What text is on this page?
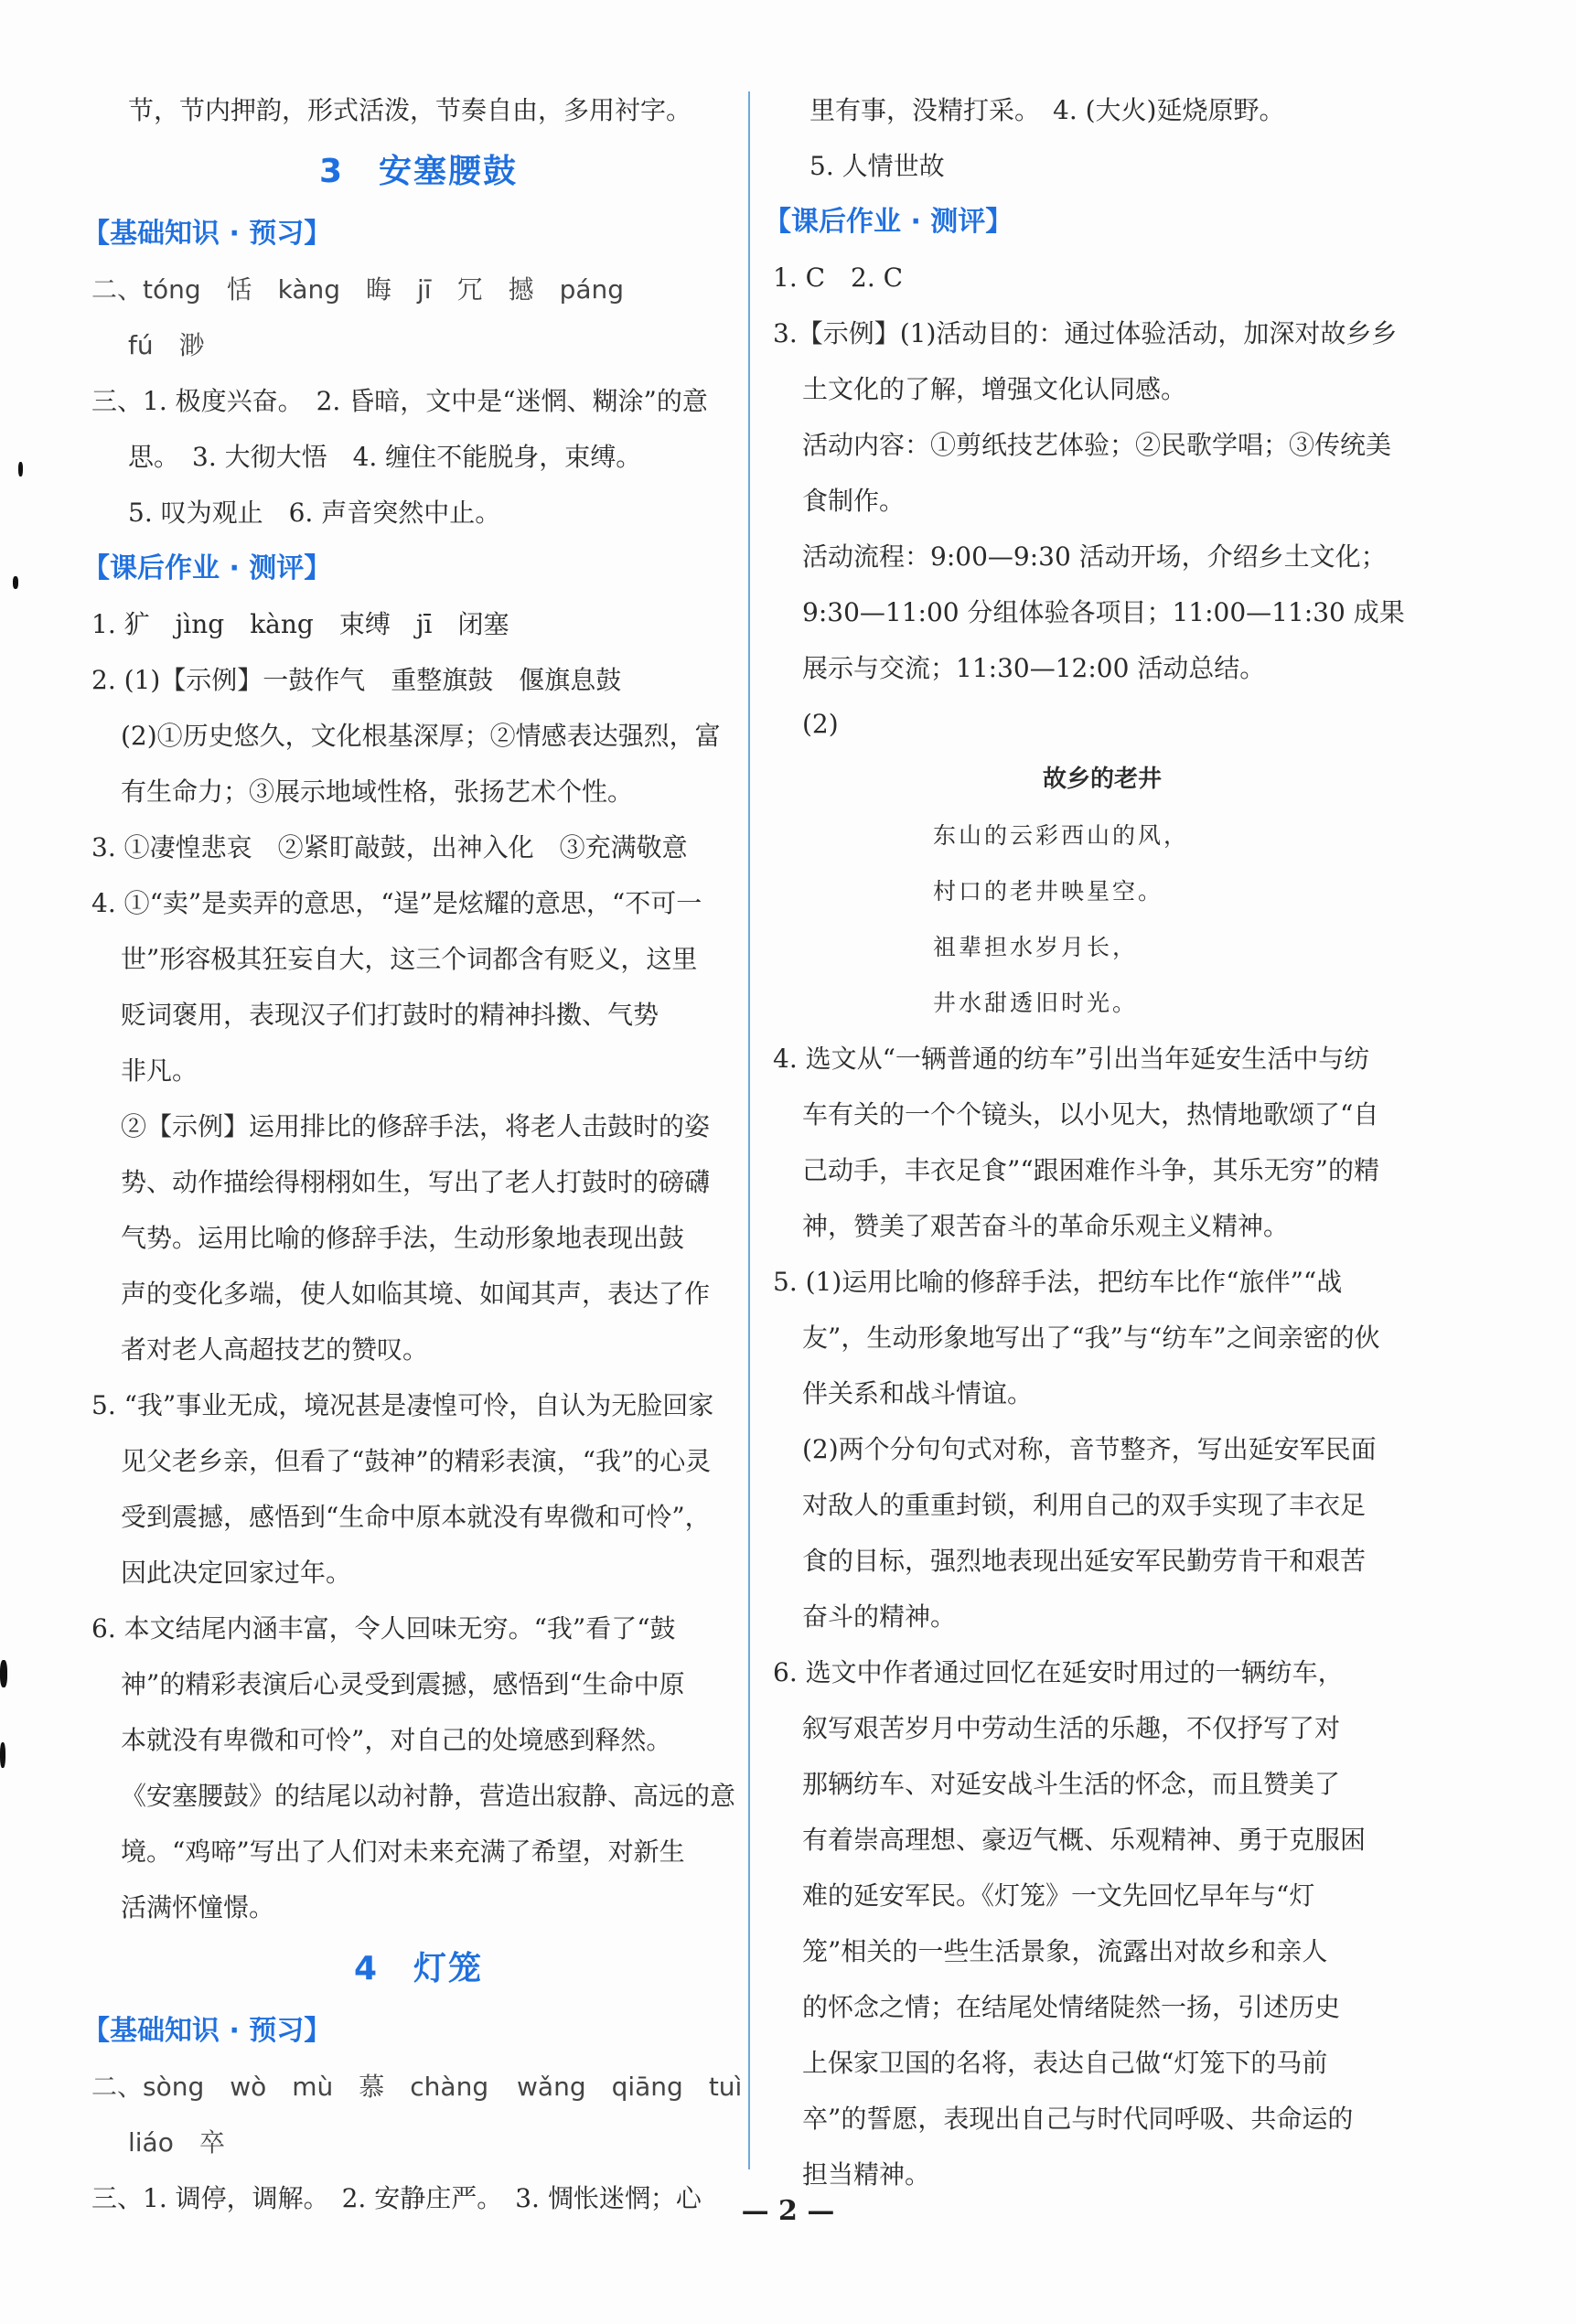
节，节内押韵，形式活泼，节奏自由，多用衬字。
3　安塞腰鼓
【基础知识 · 预习】
二、tóng　恬　kàng　晦　jī　冗　撼　páng
fú　渺
三、1. 极度兴奋。　2. 昏暗，文中是“迷惘、糊涂”的意
思。　3. 大彻大悟　4. 缠住不能脱身，束缚。
5. 叹为观止　6. 声音突然中止。
【课后作业 · 测评】
1. 犷　jìng　kàng　束缚　jī　闭塞
2. (1)【示例】一鼓作气　重整旗鼓　偃旗息鼓
(2)①历史悠久，文化根基深厚；②情感表达强烈，富
有生命力；③展示地域性格，张扬艺术个性。
3. ①凄惶悲哀　②紧盯敲鼓，出神入化　③充满敬意
4. ①“卖”是卖弄的意思，“逞”是炫耀的意思，“不可一
世”形容极其狂妄自大，这三个词都含有贬义，这里
贬词褒用，表现汉子们打鼓时的精神抖擞、气势
非凡。
②【示例】运用排比的修辞手法，将老人击鼓时的姿
势、动作描绘得栩栩如生，写出了老人打鼓时的磅礴
气势。运用比喻的修辞手法，生动形象地表现出鼓
声的变化多端，使人如临其境、如闻其声，表达了作
者对老人高超技艺的赞叹。
5. “我”事业无成，境况甚是凄惶可怜，自认为无脸回家
见父老乡亲，但看了“鼓神”的精彩表演，“我”的心灵
受到震撼，感悟到“生命中原本就没有卑微和可怜”，
因此决定回家过年。
6. 本文结尾内涵丰富，令人回味无穷。“我”看了“鼓
神”的精彩表演后心灵受到震撼，感悟到“生命中原
本就没有卑微和可怜”，对自己的处境感到释然。
《安塞腰鼓》的结尾以动衬静，营造出寂静、高远的意
境。“鸡啼”写出了人们对未来充满了希望，对新生
活满怀憧憬。
4　灯笼
【基础知识 · 预习】
二、sòng　wò　mù　慕　chàng wǎng　qiāng　tuì
liáo　卒
三、1. 调停，调解。　2. 安静庄严。　3. 惆怅迷惘；心
里有事，没精打采。　4. (大火)延烧原野。
5. 人情世故
【课后作业 · 测评】
1. C　2. C
3.【示例】(1)活动目的：通过体验活动，加深对故乡乡
土文化的了解，增强文化认同感。
活动内容：①剪纸技艺体验；②民歌学唱；③传统美
食制作。
活动流程：9:00—9:30 活动开场，介绍乡土文化；
9:30—11:00 分组体验各项目；11:00—11:30 成果
展示与交流；11:30—12:00 活动总结。
(2)
故乡的老井
东山的云彩西山的风，
村口的老井映星空。
祖辈担水岁月长，
井水甜透旧时光。
4. 选文从“一辆普通的纺车”引出当年延安生活中与纺
车有关的一个个镜头，以小见大，热情地歌颂了“自
己动手，丰衣足食”“跟困难作斗争，其乐无穷”的精
神，赞美了艰苦奋斗的革命乐观主义精神。
5. (1)运用比喻的修辞手法，把纺车比作“旅伴”“战
友”，生动形象地写出了“我”与“纺车”之间亲密的伙
伴关系和战斗情谊。
(2)两个分句句式对称，音节整齐，写出延安军民面
对敌人的重重封锁，利用自己的双手实现了丰衣足
食的目标，强烈地表现出延安军民勤劳肯干和艰苦
奋斗的精神。
6. 选文中作者通过回忆在延安时用过的一辆纺车，
叙写艰苦岁月中劳动生活的乐趣，不仅抒写了对
那辆纺车、对延安战斗生活的怀念，而且赞美了
有着崇高理想、豪迈气概、乐观精神、勇于克服困
难的延安军民。《灯笼》一文先回忆早年与“灯
笼”相关的一些生活景象，流露出对故乡和亲人
的怀念之情；在结尾处情绪陡然一扬，引述历史
上保家卫国的名将，表达自己做“灯笼下的马前
卒”的誓愿，表现出自己与时代同呼吸、共命运的
担当精神。
— 2 —
